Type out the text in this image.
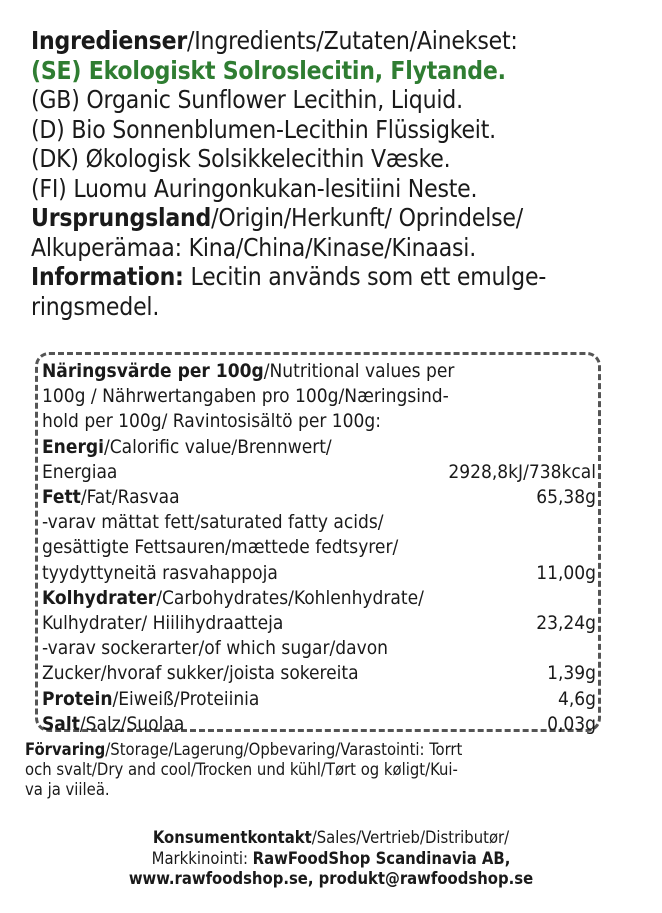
Ingredienser/Ingredients/Zutaten/Ainekset:
(SE) Ekologiskt Solroslecitin, Flytande.
(GB) Organic Sunflower Lecithin, Liquid.
(D) Bio Sonnenblumen-Lecithin Flüssigkeit.
(DK) Økologisk Solsikkelecithin Væske.
(FI) Luomu Auringonkukan-lesitiini Neste.
Ursprungsland/Origin/Herkunft/ Oprindelse/
Alkuperämaa: Kina/China/Kinase/Kinaasi.
Information: Lecitin används som ett emulge-
ringsmedel.
Näringsvärde per 100g/Nutritional values per
100g / Nährwertangaben pro 100g/Næringsind-
hold per 100g/ Ravintosisältö per 100g:
Energi/Calorific value/Brennwert/
Energiaa	2928,8kJ/738kcal
Fett/Fat/Rasvaa	65,38g
-varav mättat fett/saturated fatty acids/
gesättigte Fettsauren/mættede fedtsyrer/
tyydyttyneitä rasvahappoja	11,00g
Kolhydrater/Carbohydrates/Kohlenhydrate/
Kulhydrater/ Hiilihydraatteja	23,24g
-varav sockerarter/of which sugar/davon
Zucker/hvoraf sukker/joista sokereita	1,39g
Protein/Eiweiß/Proteiinia	4,6g
Salt/Salz/Suolaa	0,03g
Förvaring/Storage/Lagerung/Opbevaring/Varastointi: Torrt
och svalt/Dry and cool/Trocken und kühl/Tørt og køligt/Kui-
va ja viileä.
Konsumentkontakt/Sales/Vertrieb/Distributør/
Markkinointi: RawFoodShop Scandinavia AB,
www.rawfoodshop.se, produkt@rawfoodshop.se
